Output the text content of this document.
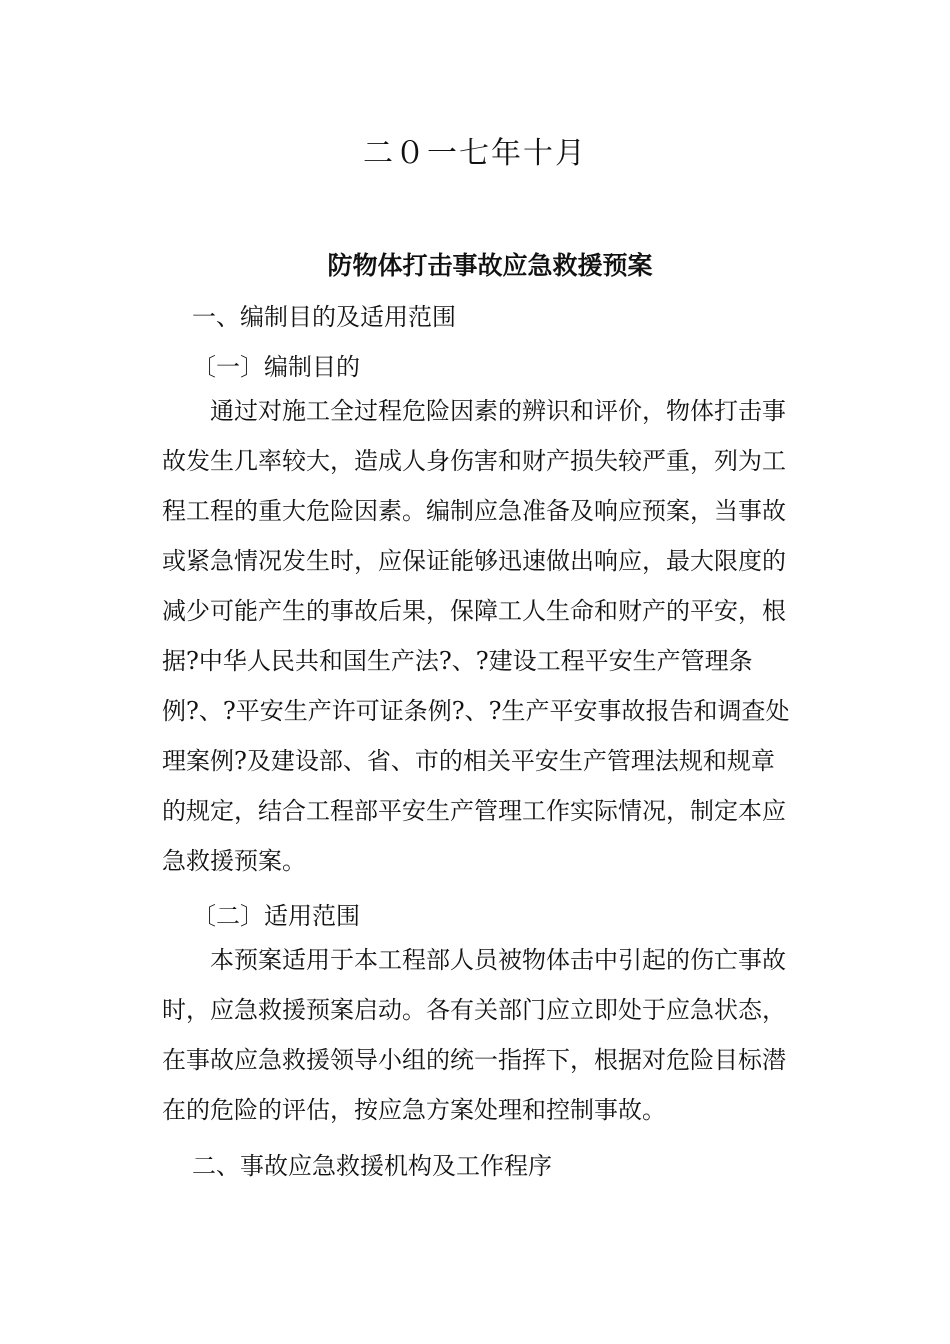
二０一七年十月
防物体打击事故应急救援预案
一、编制目的及适用范围
〔一〕编制目的

通过对施工全过程危险因素的辨识和评价，物体打击事故发生几率较大，造成人身伤害和财产损失较严重，列为工程工程的重大危险因素。编制应急准备及响应预案，当事故或紧急情况发生时，应保证能够迅速做出响应，最大限度的减少可能产生的事故后果，保障工人生命和财产的平安，根据?中华人民共和国生产法?、?建设工程平安生产管理条例?、?平安生产许可证条例?、?生产平安事故报告和调查处理案例?及建设部、省、市的相关平安生产管理法规和规章的规定，结合工程部平安生产管理工作实际情况，制定本应急救援预案。

〔二〕适用范围

本预案适用于本工程部人员被物体击中引起的伤亡事故时，应急救援预案启动。各有关部门应立即处于应急状态，在事故应急救援领导小组的统一指挥下，根据对危险目标潜在的危险的评估，按应急方案处理和控制事故。

二、事故应急救援机构及工作程序
